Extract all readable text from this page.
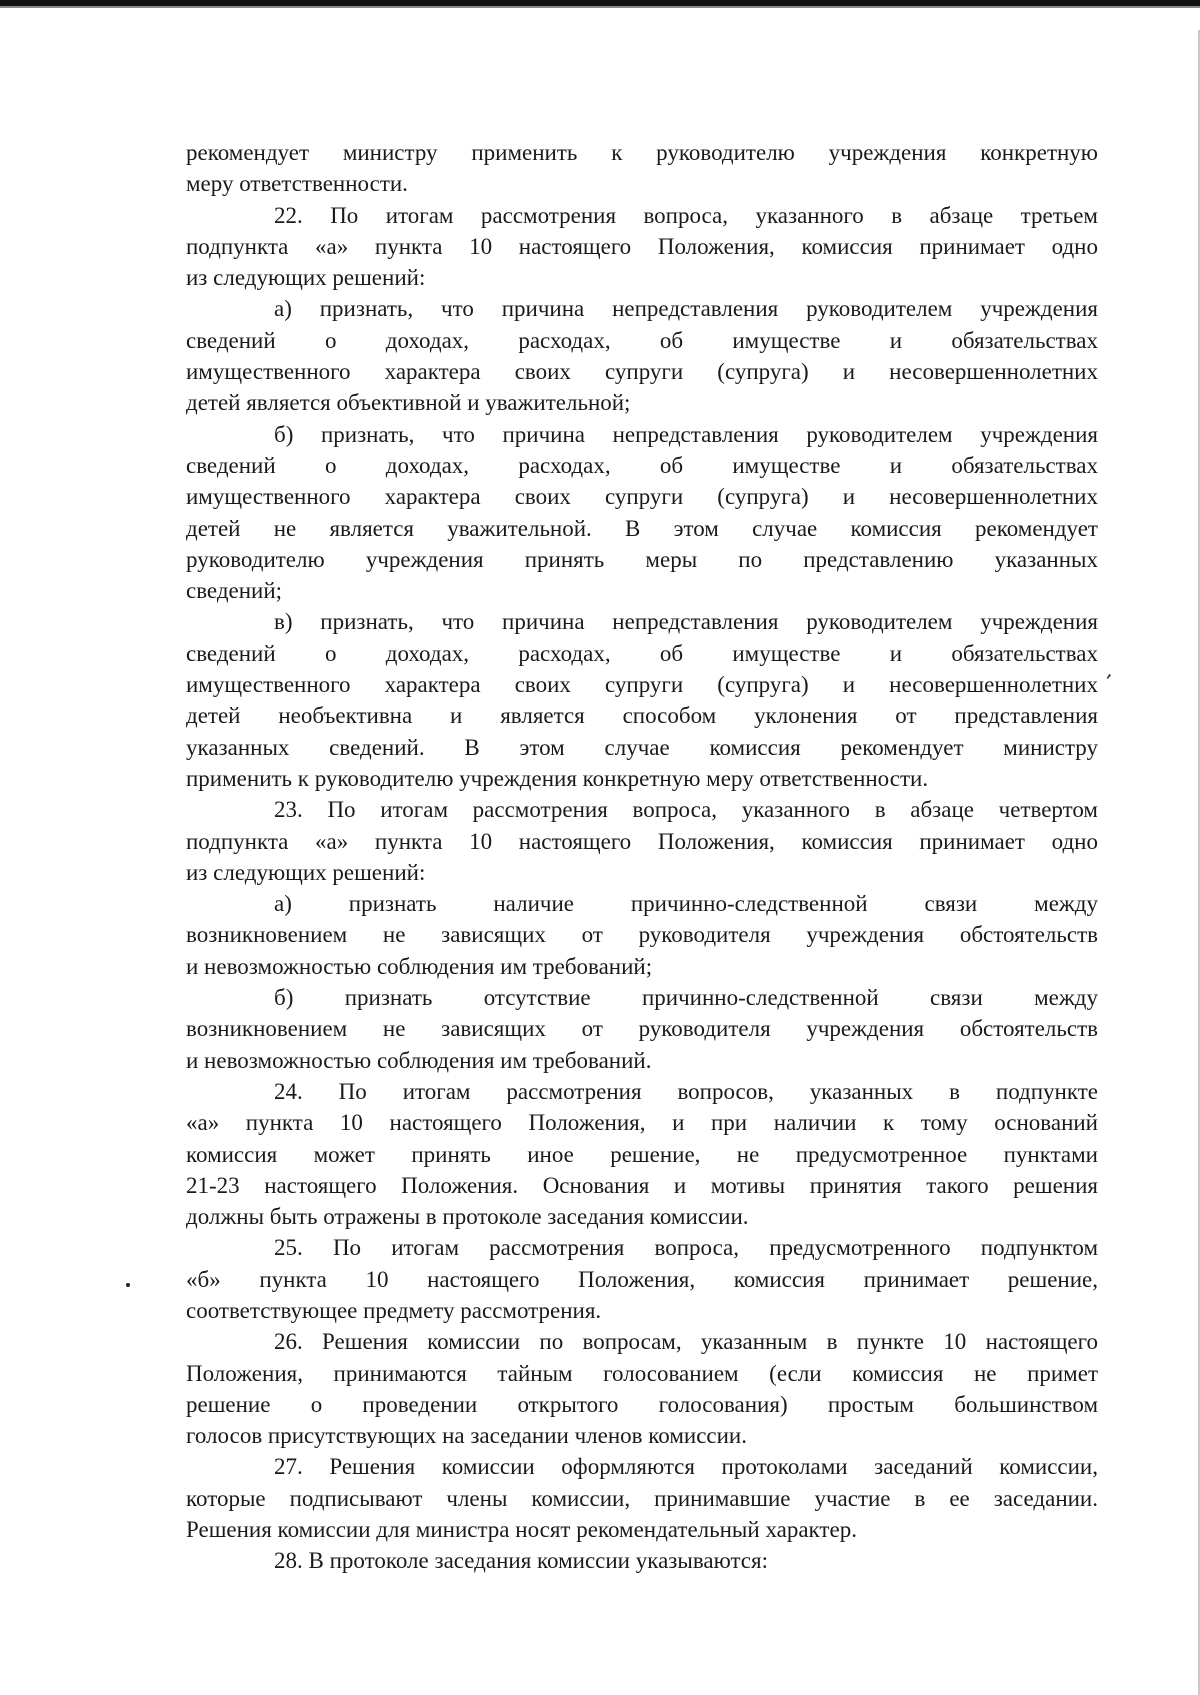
рекомендует министру применить к руководителю учреждения конкретную

меру ответственности.

22. По итогам рассмотрения вопроса, указанного в абзаце третьем

подпункта «а» пункта 10 настоящего Положения, комиссия принимает одно

из следующих решений:

а) признать, что причина непредставления руководителем учреждения

сведений о доходах, расходах, об имуществе и обязательствах

имущественного характера своих супруги (супруга) и несовершеннолетних

детей является объективной и уважительной;

б) признать, что причина непредставления руководителем учреждения

сведений о доходах, расходах, об имуществе и обязательствах

имущественного характера своих супруги (супруга) и несовершеннолетних

детей не является уважительной. В этом случае комиссия рекомендует

руководителю учреждения принять меры по представлению указанных

сведений;

в) признать, что причина непредставления руководителем учреждения

сведений о доходах, расходах, об имуществе и обязательствах

имущественного характера своих супруги (супруга) и несовершеннолетних

детей необъективна и является способом уклонения от представления

указанных сведений. В этом случае комиссия рекомендует министру

применить к руководителю учреждения конкретную меру ответственности.

23. По итогам рассмотрения вопроса, указанного в абзаце четвертом

подпункта «а» пункта 10 настоящего Положения, комиссия принимает одно

из следующих решений:

а) признать наличие причинно-следственной связи между

возникновением не зависящих от руководителя учреждения обстоятельств

и невозможностью соблюдения им требований;

б) признать отсутствие причинно-следственной связи между

возникновением не зависящих от руководителя учреждения обстоятельств

и невозможностью соблюдения им требований.

24. По итогам рассмотрения вопросов, указанных в подпункте

«а» пункта 10 настоящего Положения, и при наличии к тому оснований

комиссия может принять иное решение, не предусмотренное пунктами

21-23 настоящего Положения. Основания и мотивы принятия такого решения

должны быть отражены в протоколе заседания комиссии.

25. По итогам рассмотрения вопроса, предусмотренного подпунктом

«б» пункта 10 настоящего Положения, комиссия принимает решение,

соответствующее предмету рассмотрения.

26. Решения комиссии по вопросам, указанным в пункте 10 настоящего

Положения, принимаются тайным голосованием (если комиссия не примет

решение о проведении открытого голосования) простым большинством

голосов присутствующих на заседании членов комиссии.

27. Решения комиссии оформляются протоколами заседаний комиссии,

которые подписывают члены комиссии, принимавшие участие в ее заседании.

Решения комиссии для министра носят рекомендательный характер.

28. В протоколе заседания комиссии указываются:

‚
